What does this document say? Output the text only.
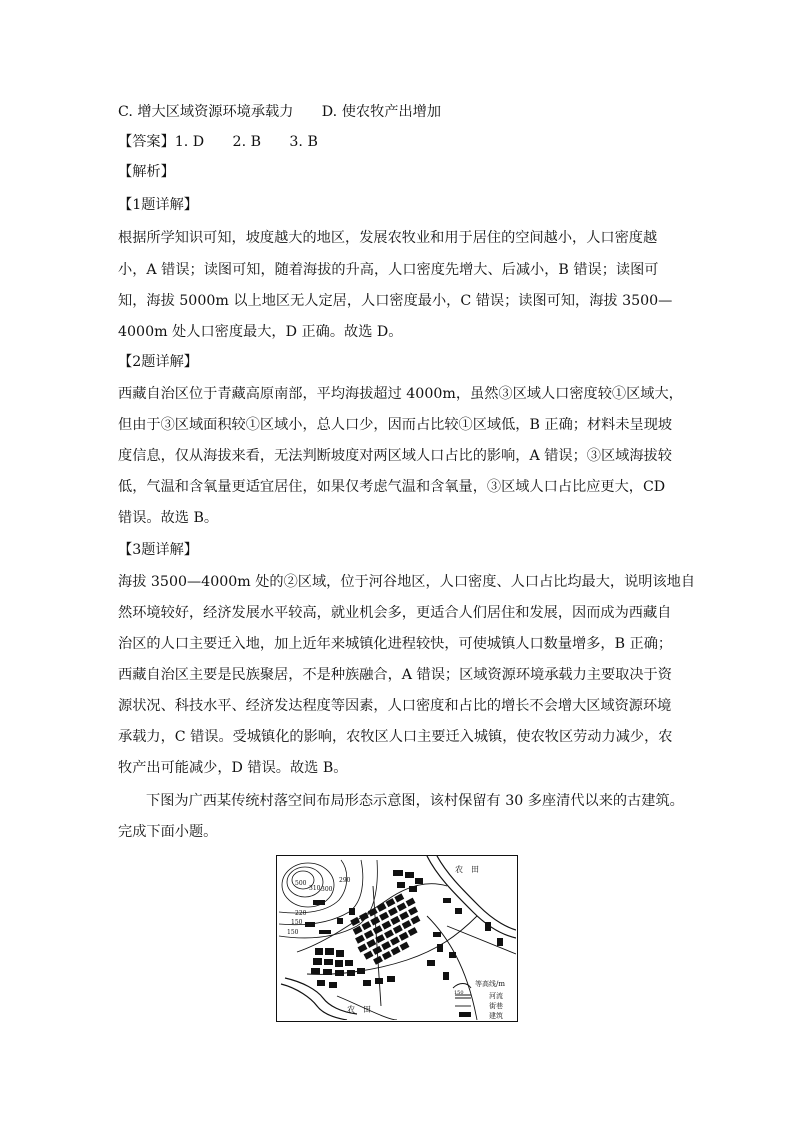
C. 增大区域资源环境承载力　　D. 使农牧产出增加
【答案】1. D　　2. B　　3. B
【解析】
【1题详解】
根据所学知识可知，坡度越大的地区，发展农牧业和用于居住的空间越小，人口密度越
小，A 错误；读图可知，随着海拔的升高，人口密度先增大、后减小，B 错误；读图可
知，海拔 5000m 以上地区无人定居，人口密度最小，C 错误；读图可知，海拔 3500—
4000m 处人口密度最大，D 正确。故选 D。
【2题详解】
西藏自治区位于青藏高原南部，平均海拔超过 4000m，虽然③区域人口密度较①区域大，
但由于③区域面积较①区域小，总人口少，因而占比较①区域低，B 正确；材料未呈现坡
度信息，仅从海拔来看，无法判断坡度对两区域人口占比的影响，A 错误；③区域海拔较
低，气温和含氧量更适宜居住，如果仅考虑气温和含氧量，③区域人口占比应更大，CD
错误。故选 B。
【3题详解】
海拔 3500—4000m 处的②区域，位于河谷地区，人口密度、人口占比均最大，说明该地自
然环境较好，经济发展水平较高，就业机会多，更适合人们居住和发展，因而成为西藏自
治区的人口主要迁入地，加上近年来城镇化进程较快，可使城镇人口数量增多，B 正确；
西藏自治区主要是民族聚居，不是种族融合，A 错误；区域资源环境承载力主要取决于资
源状况、科技水平、经济发达程度等因素，人口密度和占比的增长不会增大区域资源环境
承载力，C 错误。受城镇化的影响，农牧区人口主要迁入城镇，使农牧区劳动力减少，农
牧产出可能减少，D 错误。故选 B。
下图为广西某传统村落空间布局形态示意图，该村保留有 30 多座清代以来的古建筑。
完成下面小题。
500
310 300
290
220
150
150
农　田
农　田
150
等高线/m
河流
街巷
建筑
